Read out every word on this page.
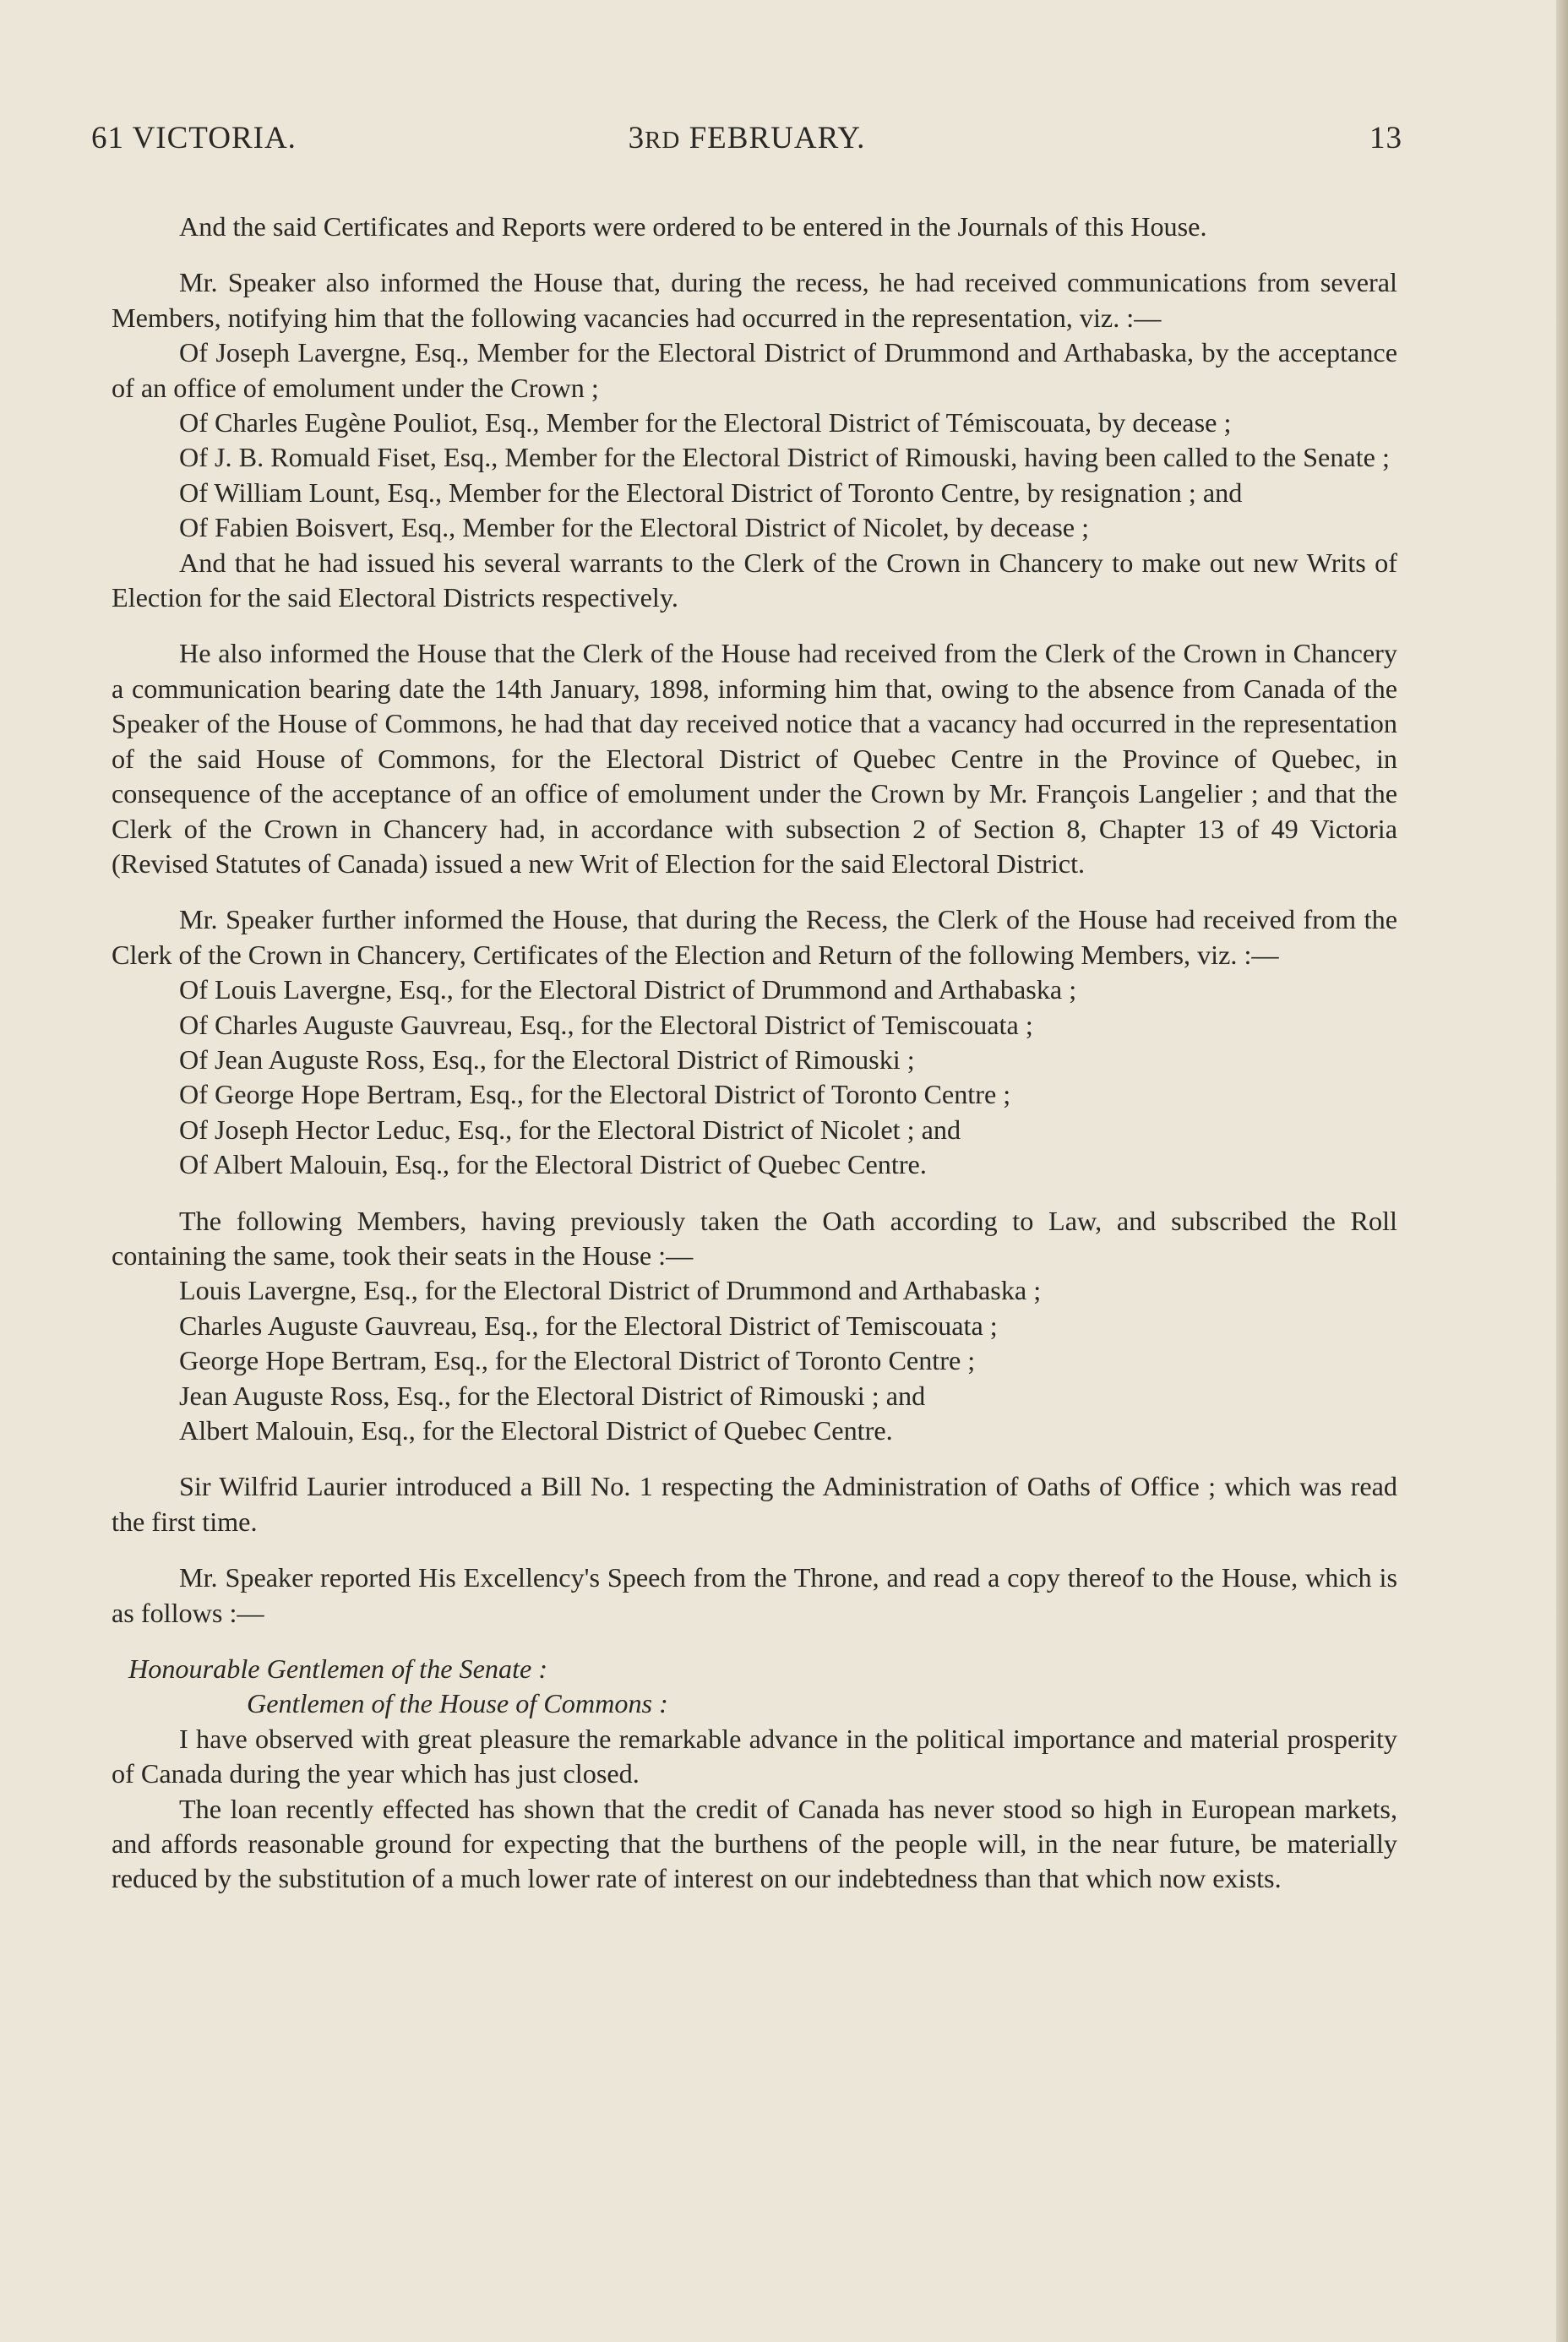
61 VICTORIA.	3RD FEBRUARY.	13

And the said Certificates and Reports were ordered to be entered in the Journals of this House.

Mr. Speaker also informed the House that, during the recess, he had received communications from several Members, notifying him that the following vacancies had occurred in the representation, viz. :—

Of Joseph Lavergne, Esq., Member for the Electoral District of Drummond and Arthabaska, by the acceptance of an office of emolument under the Crown ;

Of Charles Eugène Pouliot, Esq., Member for the Electoral District of Témiscouata, by decease ;

Of J. B. Romuald Fiset, Esq., Member for the Electoral District of Rimouski, having been called to the Senate ;

Of William Lount, Esq., Member for the Electoral District of Toronto Centre, by resignation ; and

Of Fabien Boisvert, Esq., Member for the Electoral District of Nicolet, by decease ;

And that he had issued his several warrants to the Clerk of the Crown in Chancery to make out new Writs of Election for the said Electoral Districts respectively.

He also informed the House that the Clerk of the House had received from the Clerk of the Crown in Chancery a communication bearing date the 14th January, 1898, informing him that, owing to the absence from Canada of the Speaker of the House of Commons, he had that day received notice that a vacancy had occurred in the representation of the said House of Commons, for the Electoral District of Quebec Centre in the Province of Quebec, in consequence of the acceptance of an office of emolument under the Crown by Mr. François Langelier ; and that the Clerk of the Crown in Chancery had, in accordance with subsection 2 of Section 8, Chapter 13 of 49 Victoria (Revised Statutes of Canada) issued a new Writ of Election for the said Electoral District.

Mr. Speaker further informed the House, that during the Recess, the Clerk of the House had received from the Clerk of the Crown in Chancery, Certificates of the Election and Return of the following Members, viz. :—

Of Louis Lavergne, Esq., for the Electoral District of Drummond and Arthabaska ;

Of Charles Auguste Gauvreau, Esq., for the Electoral District of Temiscouata ;

Of Jean Auguste Ross, Esq., for the Electoral District of Rimouski ;

Of George Hope Bertram, Esq., for the Electoral District of Toronto Centre ;

Of Joseph Hector Leduc, Esq., for the Electoral District of Nicolet ; and

Of Albert Malouin, Esq., for the Electoral District of Quebec Centre.

The following Members, having previously taken the Oath according to Law, and subscribed the Roll containing the same, took their seats in the House :—

Louis Lavergne, Esq., for the Electoral District of Drummond and Arthabaska ;

Charles Auguste Gauvreau, Esq., for the Electoral District of Temiscouata ;

George Hope Bertram, Esq., for the Electoral District of Toronto Centre ;

Jean Auguste Ross, Esq., for the Electoral District of Rimouski ; and

Albert Malouin, Esq., for the Electoral District of Quebec Centre.

Sir Wilfrid Laurier introduced a Bill No. 1 respecting the Administration of Oaths of Office ; which was read the first time.

Mr. Speaker reported His Excellency's Speech from the Throne, and read a copy thereof to the House, which is as follows :—

Honourable Gentlemen of the Senate :

Gentlemen of the House of Commons :

I have observed with great pleasure the remarkable advance in the political importance and material prosperity of Canada during the year which has just closed.

The loan recently effected has shown that the credit of Canada has never stood so high in European markets, and affords reasonable ground for expecting that the burthens of the people will, in the near future, be materially reduced by the substitution of a much lower rate of interest on our indebtedness than that which now exists.
